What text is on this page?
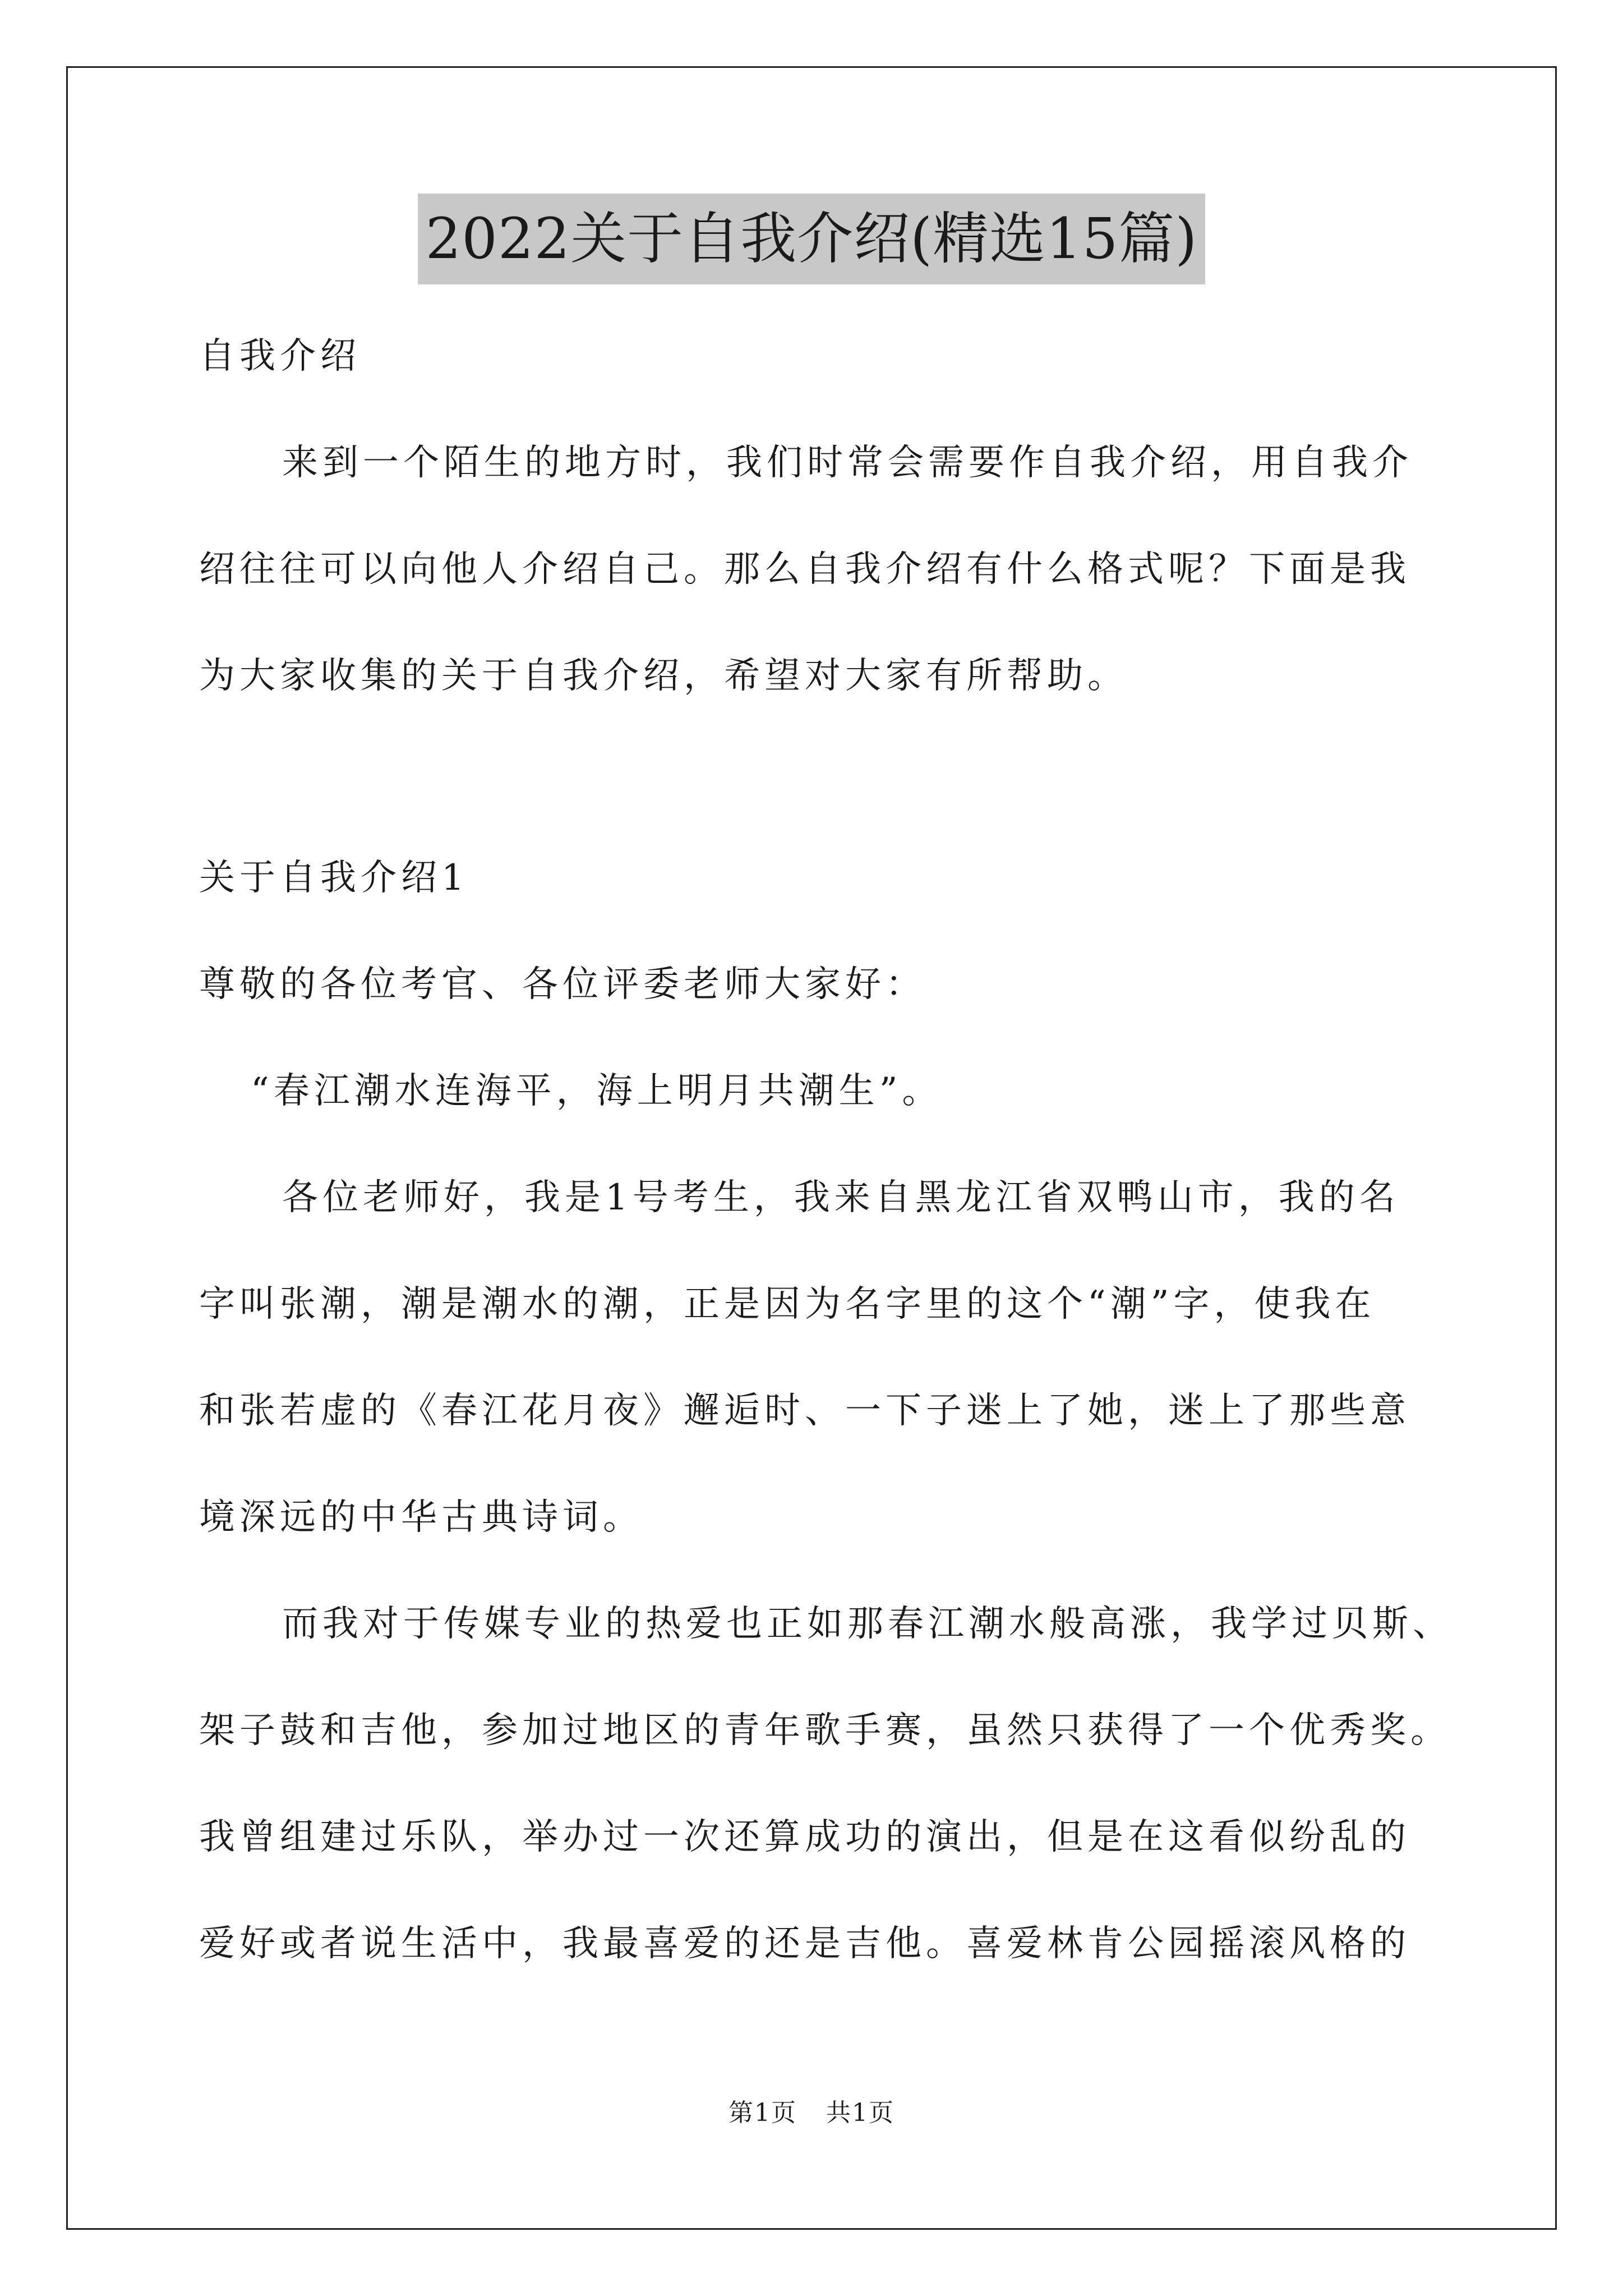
2022关于自我介绍(精选15篇)
自我介绍
来到一个陌生的地方时，我们时常会需要作自我介绍，用自我介
绍往往可以向他人介绍自己。那么自我介绍有什么格式呢？下面是我
为大家收集的关于自我介绍，希望对大家有所帮助。
关于自我介绍1
尊敬的各位考官、各位评委老师大家好：
“春江潮水连海平，海上明月共潮生”。
各位老师好，我是1号考生，我来自黑龙江省双鸭山市，我的名
字叫张潮，潮是潮水的潮，正是因为名字里的这个“潮”字，使我在
和张若虚的《春江花月夜》邂逅时、一下子迷上了她，迷上了那些意
境深远的中华古典诗词。
而我对于传媒专业的热爱也正如那春江潮水般高涨，我学过贝斯、
架子鼓和吉他，参加过地区的青年歌手赛，虽然只获得了一个优秀奖。
我曾组建过乐队，举办过一次还算成功的演出，但是在这看似纷乱的
爱好或者说生活中，我最喜爱的还是吉他。喜爱林肯公园摇滚风格的
第1页 共1页
